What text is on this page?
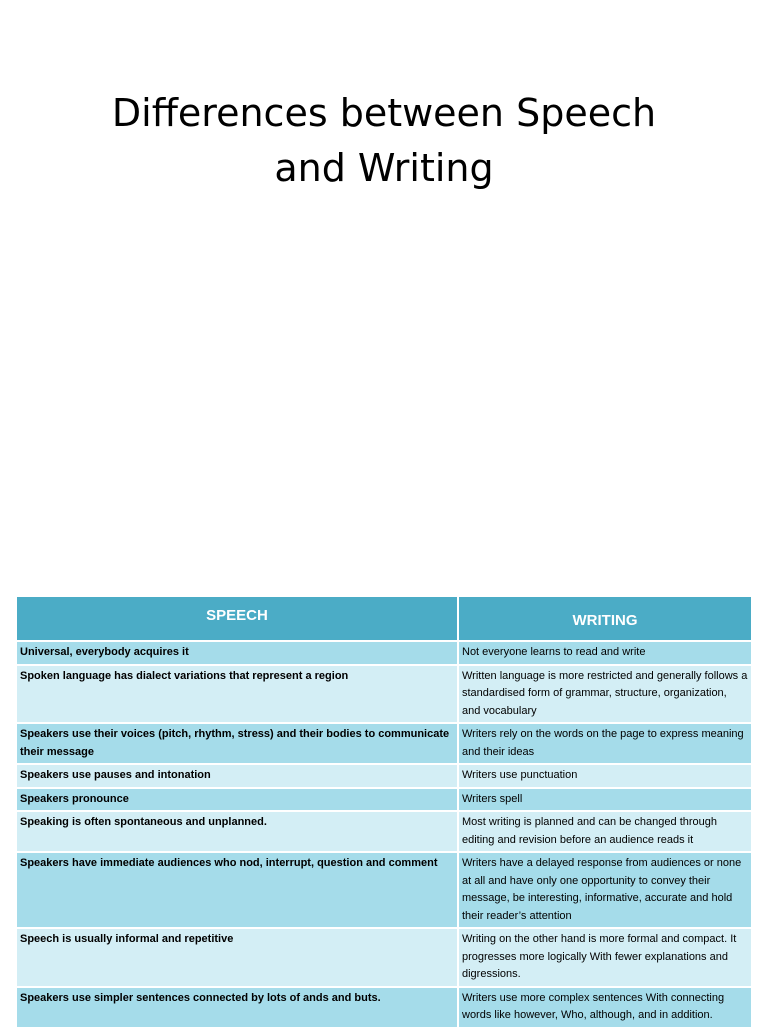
Differences between Speech
and Writing
SPEECH	WRITING
Universal, everybody acquires it	Not everyone learns to read and write
Spoken language has dialect variations that represent a region	Written language is more restricted and generally follows a standardised form of grammar, structure, organization, and vocabulary
Speakers use their voices (pitch, rhythm, stress) and their bodies to communicate their message	Writers rely on the words on the page to express meaning and their ideas
Speakers use pauses and intonation	Writers use punctuation
Speakers pronounce	Writers spell
Speaking is often spontaneous and unplanned.	Most writing is planned and can be changed through editing and revision before an audience reads it
Speakers have immediate audiences who nod, interrupt, question and comment	Writers have a delayed response from audiences or none at all and have only one opportunity to convey their message, be interesting, informative, accurate and hold their reader’s attention
Speech is usually informal and repetitive	Writing on the other hand is more formal and compact. It progresses more logically With fewer explanations and digressions.
Speakers use simpler sentences connected by lots of ands and buts.	Writers use more complex sentences With connecting words like however, Who, although, and in addition.
